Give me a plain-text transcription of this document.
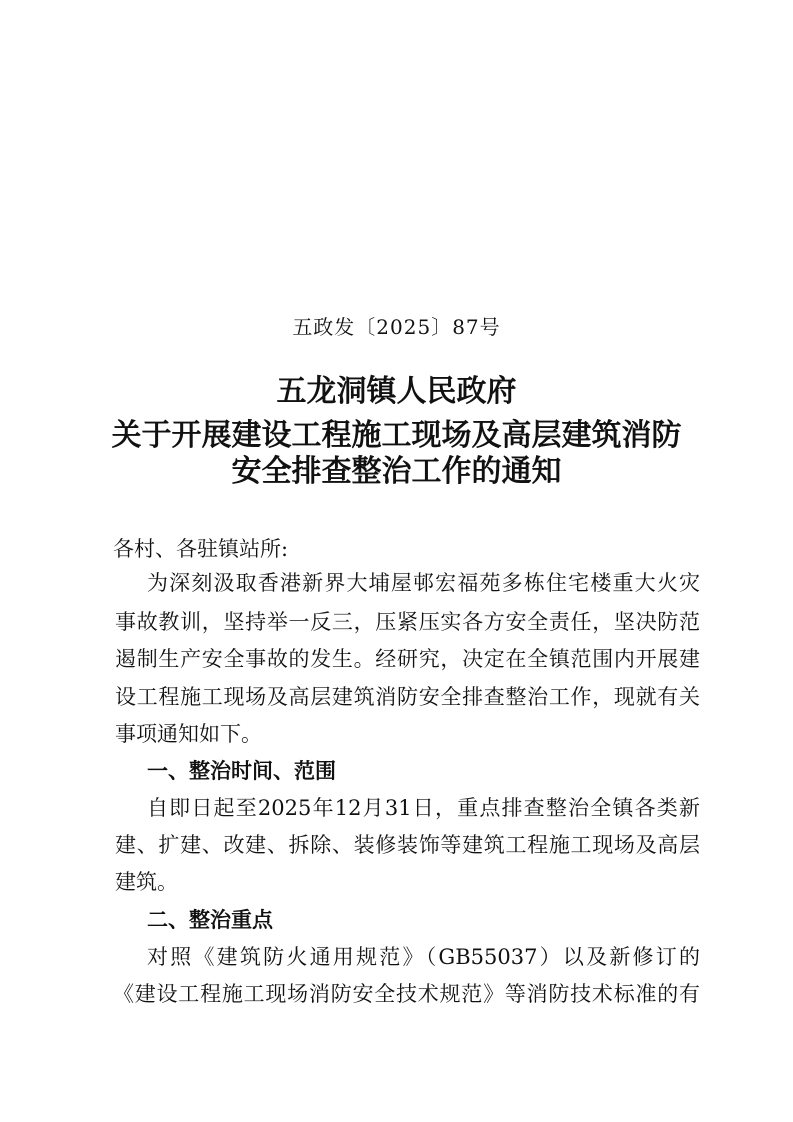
五政发〔2025〕87号
五龙洞镇人民政府
关于开展建设工程施工现场及高层建筑消防
安全排查整治工作的通知
各村、各驻镇站所:
为深刻汲取香港新界大埔屋邨宏福苑多栋住宅楼重大火灾
事故教训，坚持举一反三，压紧压实各方安全责任，坚决防范
遏制生产安全事故的发生。经研究，决定在全镇范围内开展建
设工程施工现场及高层建筑消防安全排查整治工作，现就有关
事项通知如下。
一、整治时间、范围
自即日起至2025年12月31日，重点排查整治全镇各类新
建、扩建、改建、拆除、装修装饰等建筑工程施工现场及高层
建筑。
二、整治重点
对照《建筑防火通用规范》（GB55037）以及新修订的
《建设工程施工现场消防安全技术规范》等消防技术标准的有
